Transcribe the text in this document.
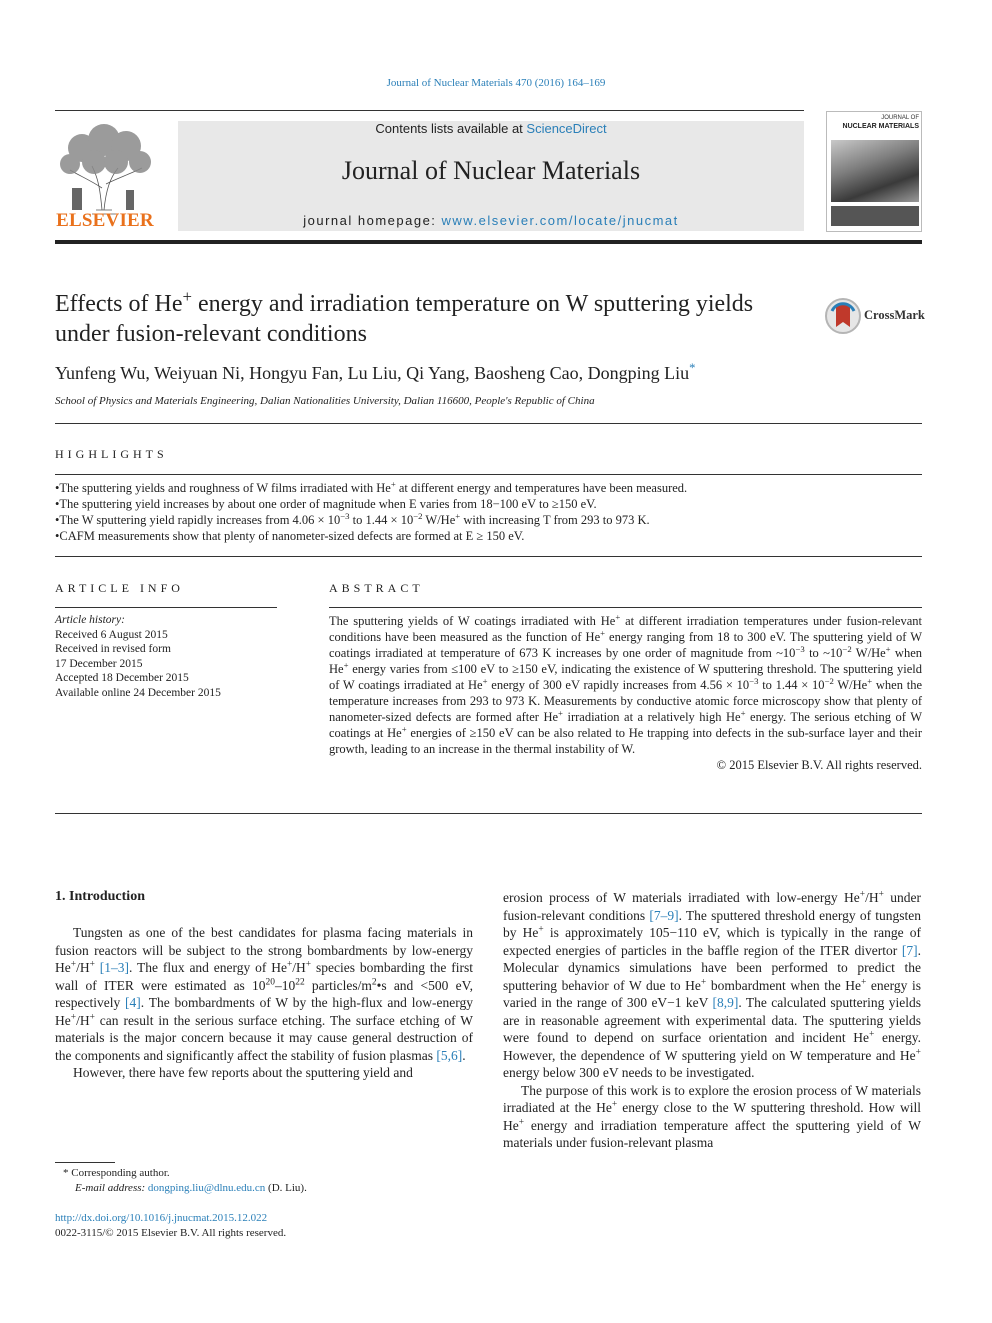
Journal of Nuclear Materials 470 (2016) 164–169
ELSEVIER
Contents lists available at ScienceDirect
Journal of Nuclear Materials
journal homepage: www.elsevier.com/locate/jnucmat
JOURNAL OF
NUCLEAR MATERIALS
Effects of He+ energy and irradiation temperature on W sputtering yields under fusion-relevant conditions
CrossMark
Yunfeng Wu, Weiyuan Ni, Hongyu Fan, Lu Liu, Qi Yang, Baosheng Cao, Dongping Liu*
School of Physics and Materials Engineering, Dalian Nationalities University, Dalian 116600, People's Republic of China
HIGHLIGHTS
•The sputtering yields and roughness of W films irradiated with He+ at different energy and temperatures have been measured.
•The sputtering yield increases by about one order of magnitude when E varies from 18−100 eV to ≥150 eV.
•The W sputtering yield rapidly increases from $4.06 \times 10^{-3}$ to $1.44 \times 10^{-2}$ W/He+ with increasing T from 293 to 973 K.
•CAFM measurements show that plenty of nanometer-sized defects are formed at E ≥ 150 eV.
ARTICLE INFO
Article history:
Received 6 August 2015
Received in revised form
17 December 2015
Accepted 18 December 2015
Available online 24 December 2015
ABSTRACT
The sputtering yields of W coatings irradiated with He+ at different irradiation temperatures under fusion-relevant conditions have been measured as the function of He+ energy ranging from 18 to 300 eV. The sputtering yield of W coatings irradiated at temperature of 673 K increases by one order of magnitude from $\sim 10^{-3}$ to $\sim 10^{-2}$ W/He+ when He+ energy varies from ≤100 eV to ≥150 eV, indicating the existence of W sputtering threshold. The sputtering yield of W coatings irradiated at He+ energy of 300 eV rapidly increases from $4.56 \times 10^{-3}$ to $1.44 \times 10^{-2}$ W/He+ when the temperature increases from 293 to 973 K. Measurements by conductive atomic force microscopy show that plenty of nanometer-sized defects are formed after He+ irradiation at a relatively high He+ energy. The serious etching of W coatings at He+ energies of ≥150 eV can be also related to He trapping into defects in the sub-surface layer and their growth, leading to an increase in the thermal instability of W.
© 2015 Elsevier B.V. All rights reserved.
1. Introduction

Tungsten as one of the best candidates for plasma facing materials in fusion reactors will be subject to the strong bombardments by low-energy He+/H+ [1–3]. The flux and energy of He+/H+ species bombarding the first wall of ITER were estimated as $10^{20}-10^{22}$ particles/$m^2•s$ and <500 eV, respectively [4]. The bombardments of W by the high-flux and low-energy He+/H+ can result in the serious surface etching. The surface etching of W materials is the major concern because it may cause general destruction of the components and significantly affect the stability of fusion plasmas [5,6].

However, there have few reports about the sputtering yield and

erosion process of W materials irradiated with low-energy He+/H+ under fusion-relevant conditions [7–9]. The sputtered threshold energy of tungsten by He+ is approximately 105−110 eV, which is typically in the range of expected energies of particles in the baffle region of the ITER divertor [7]. Molecular dynamics simulations have been performed to predict the sputtering behavior of W due to He+ bombardment when the He+ energy is varied in the range of 300 eV−1 keV [8,9]. The calculated sputtering yields are in reasonable agreement with experimental data. The sputtering yields were found to depend on surface orientation and incident He+ energy. However, the dependence of W sputtering yield on W temperature and He+ energy below 300 eV needs to be investigated.

The purpose of this work is to explore the erosion process of W materials irradiated at the He+ energy close to the W sputtering threshold. How will He+ energy and irradiation temperature affect the sputtering yield of W materials under fusion-relevant plasma

* Corresponding author.
E-mail address: dongping.liu@dlnu.edu.cn (D. Liu).
http://dx.doi.org/10.1016/j.jnucmat.2015.12.022
0022-3115/© 2015 Elsevier B.V. All rights reserved.
